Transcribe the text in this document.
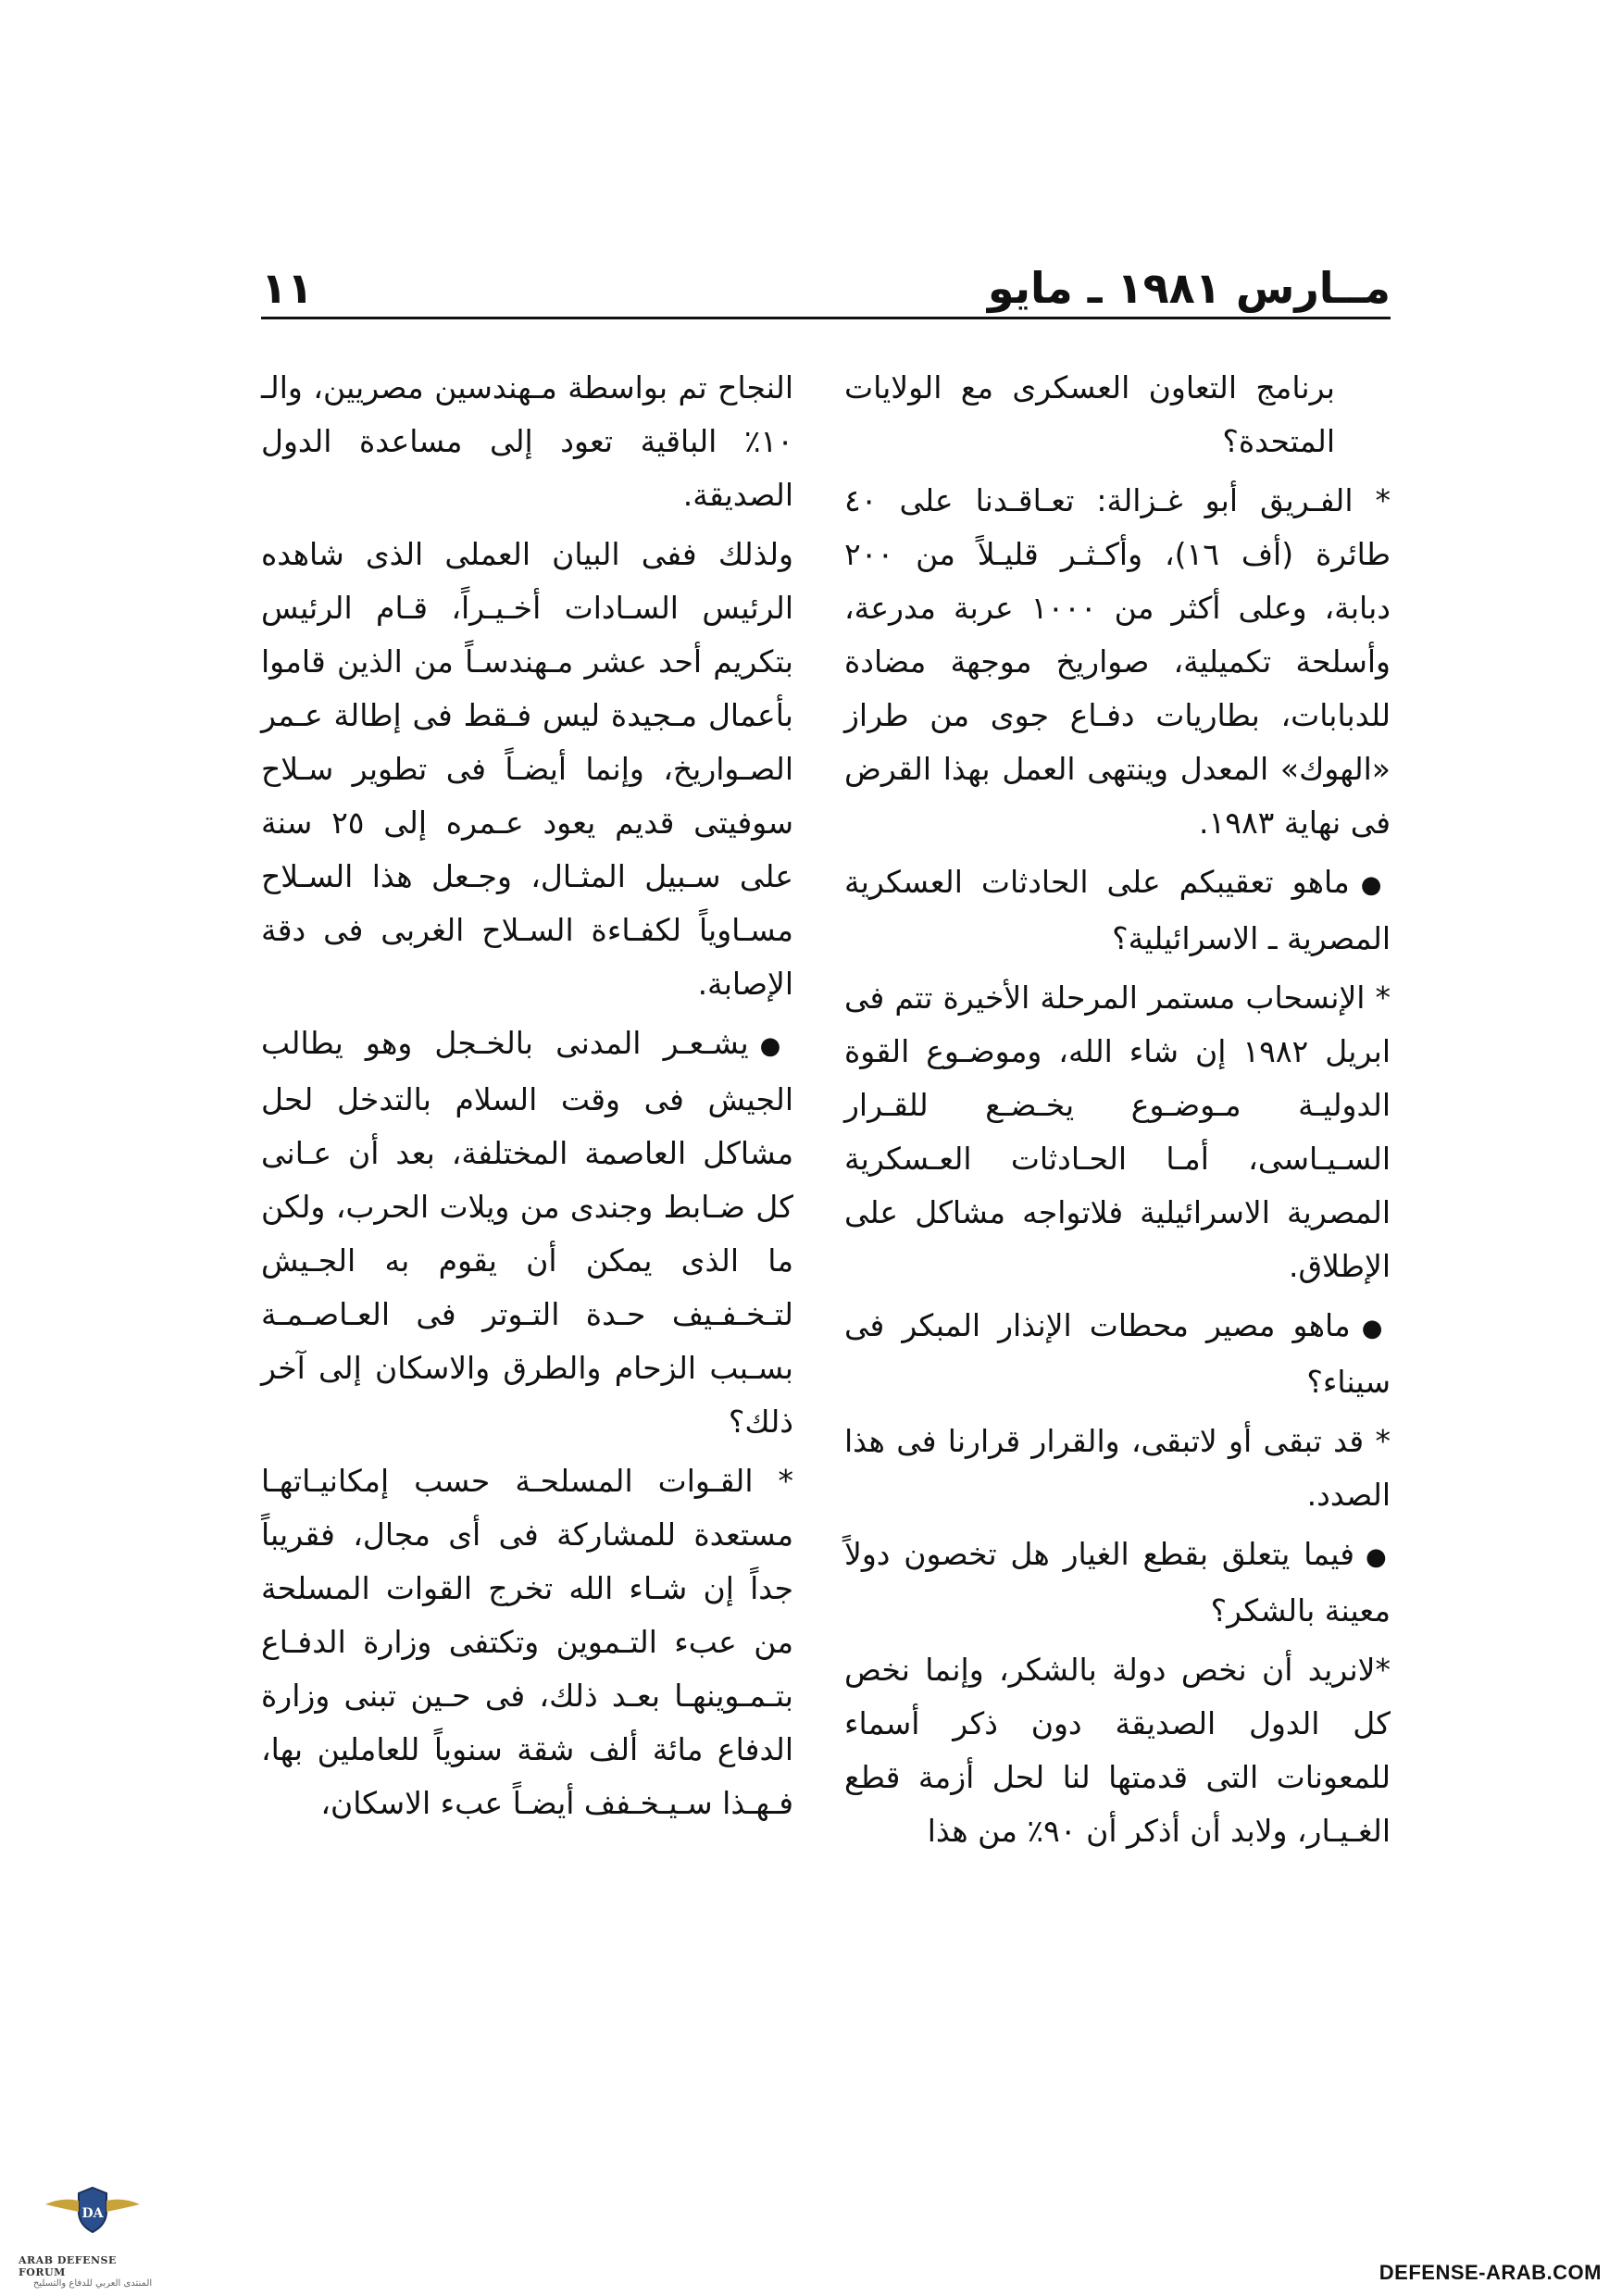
مــارس ١٩٨١ ـ مايو
١١

برنامج التعاون العسكرى مع الولايات المتحدة؟

* الفـريق أبو غـزالة: تعـاقـدنا على ٤٠ طائرة (أف ١٦)، وأكـثـر قليـلاً من ٢٠٠ دبابة، وعلى أكثر من ١٠٠٠ عربة مدرعة، وأسلحة تكميلية، صواريخ موجهة مضادة للدبابات، بطاريات دفـاع جوى من طراز «الهوك» المعدل وينتهى العمل بهذا القرض فى نهاية ١٩٨٣.

●ماهو تعقيبكم على الحادثات العسكرية المصرية ـ الاسرائيلية؟

* الإنسحاب مستمر المرحلة الأخيرة تتم فى ابريل ١٩٨٢ إن شاء الله، وموضـوع القوة الدوليـة مـوضـوع يخـضـع للقـرار السـيـاسى، أمـا الحـادثات العـسكرية المصرية الاسرائيلية فلاتواجه مشاكل على الإطلاق.

●ماهو مصير محطات الإنذار المبكر فى سيناء؟

* قد تبقى أو لاتبقى، والقرار قرارنا فى هذا الصدد.

●فيما يتعلق بقطع الغيار هل تخصون دولاً معينة بالشكر؟

*لانريد أن نخص دولة بالشكر، وإنما نخص كل الدول الصديقة دون ذكر أسماء للمعونات التى قدمتها لنا لحل أزمة قطع الغـيـار، ولابد أن أذكر أن ٩٠٪ من هذا

النجاح تم بواسطة مـهندسين مصريين، والـ ١٠٪ الباقية تعود إلى مساعدة الدول الصديقة.

ولذلك ففى البيان العملى الذى شاهده الرئيس السـادات أخـيـراً، قـام الرئيس بتكريم أحد عشر مـهندسـاً من الذين قاموا بأعمال مـجيدة ليس فـقط فى إطالة عـمر الصـواريخ، وإنما أيضـاً فى تطوير سـلاح سوفيتى قديم يعود عـمره إلى ٢٥ سنة على سـبيل المثـال، وجـعل هذا السـلاح مسـاوياً لكفـاءة السـلاح الغربى فى دقة الإصابة.

●يشـعـر المدنى بالخـجل وهو يطالب الجيش فى وقت السلام بالتدخل لحل مشاكل العاصمة المختلفة، بعد أن عـانى كل ضـابط وجندى من ويلات الحرب، ولكن ما الذى يمكن أن يقوم به الجـيش لتـخـفـيف حـدة التـوتر فى العـاصـمـة بسـبب الزحام والطرق والاسكان إلى آخر ذلك؟

* القـوات المسلحـة حسب إمكانيـاتهـا مستعدة للمشاركة فى أى مجال، فقريباً جداً إن شـاء الله تخرج القوات المسلحة من عبء التـموين وتكتفى وزارة الدفـاع بتـمـوينهـا بعـد ذلك، فى حـين تبنى وزارة الدفاع مائة ألف شقة سنوياً للعاملين بها، فـهـذا سـيـخـفف أيضـاً عبء الاسكان،

DA
ARAB DEFENSE FORUM
المنتدى العربي للدفاع والتسليح	DEFENSE-ARAB.COM
